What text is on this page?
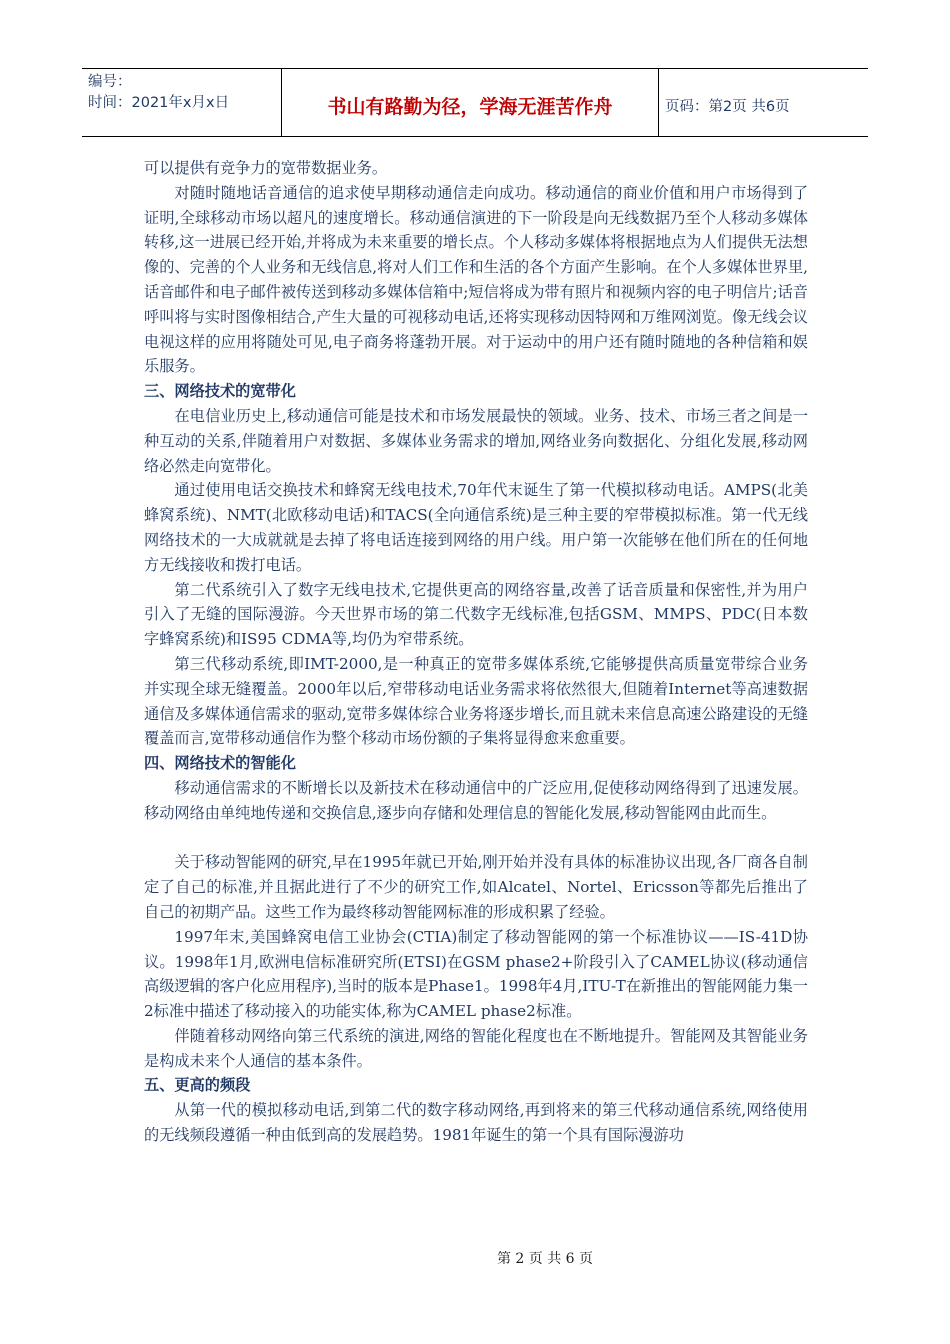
编号：
时间：2021年x月x日	书山有路勤为径，学海无涯苦作舟	页码：第2页 共6页

可以提供有竞争力的宽带数据业务。

对随时随地话音通信的追求使早期移动通信走向成功。移动通信的商业价值和用户市场得到了证明,全球移动市场以超凡的速度增长。移动通信演进的下一阶段是向无线数据乃至个人移动多媒体转移,这一进展已经开始,并将成为未来重要的增长点。个人移动多媒体将根据地点为人们提供无法想像的、完善的个人业务和无线信息,将对人们工作和生活的各个方面产生影响。在个人多媒体世界里,话音邮件和电子邮件被传送到移动多媒体信箱中;短信将成为带有照片和视频内容的电子明信片;话音呼叫将与实时图像相结合,产生大量的可视移动电话,还将实现移动因特网和万维网浏览。像无线会议电视这样的应用将随处可见,电子商务将蓬勃开展。对于运动中的用户还有随时随地的各种信箱和娱乐服务。

三、网络技术的宽带化

在电信业历史上,移动通信可能是技术和市场发展最快的领域。业务、技术、市场三者之间是一种互动的关系,伴随着用户对数据、多媒体业务需求的增加,网络业务向数据化、分组化发展,移动网络必然走向宽带化。

通过使用电话交换技术和蜂窝无线电技术,70年代末诞生了第一代模拟移动电话。AMPS(北美蜂窝系统)、NMT(北欧移动电话)和TACS(全向通信系统)是三种主要的窄带模拟标准。第一代无线网络技术的一大成就就是去掉了将电话连接到网络的用户线。用户第一次能够在他们所在的任何地方无线接收和拨打电话。

第二代系统引入了数字无线电技术,它提供更高的网络容量,改善了话音质量和保密性,并为用户引入了无缝的国际漫游。今天世界市场的第二代数字无线标准,包括GSM、MMPS、PDC(日本数字蜂窝系统)和IS95 CDMA等,均仍为窄带系统。

第三代移动系统,即IMT-2000,是一种真正的宽带多媒体系统,它能够提供高质量宽带综合业务并实现全球无缝覆盖。2000年以后,窄带移动电话业务需求将依然很大,但随着Internet等高速数据通信及多媒体通信需求的驱动,宽带多媒体综合业务将逐步增长,而且就未来信息高速公路建设的无缝覆盖而言,宽带移动通信作为整个移动市场份额的子集将显得愈来愈重要。

四、网络技术的智能化

移动通信需求的不断增长以及新技术在移动通信中的广泛应用,促使移动网络得到了迅速发展。移动网络由单纯地传递和交换信息,逐步向存储和处理信息的智能化发展,移动智能网由此而生。

关于移动智能网的研究,早在1995年就已开始,刚开始并没有具体的标准协议出现,各厂商各自制定了自己的标准,并且据此进行了不少的研究工作,如Alcatel、Nortel、Ericsson等都先后推出了自己的初期产品。这些工作为最终移动智能网标准的形成积累了经验。

1997年末,美国蜂窝电信工业协会(CTIA)制定了移动智能网的第一个标准协议——IS-41D协议。1998年1月,欧洲电信标准研究所(ETSI)在GSM phase2+阶段引入了CAMEL协议(移动通信高级逻辑的客户化应用程序),当时的版本是Phase1。1998年4月,ITU-T在新推出的智能网能力集一2标准中描述了移动接入的功能实体,称为CAMEL phase2标准。

伴随着移动网络向第三代系统的演进,网络的智能化程度也在不断地提升。智能网及其智能业务是构成未来个人通信的基本条件。

五、更高的频段

从第一代的模拟移动电话,到第二代的数字移动网络,再到将来的第三代移动通信系统,网络使用的无线频段遵循一种由低到高的发展趋势。1981年诞生的第一个具有国际漫游功

第 2 页 共 6 页
